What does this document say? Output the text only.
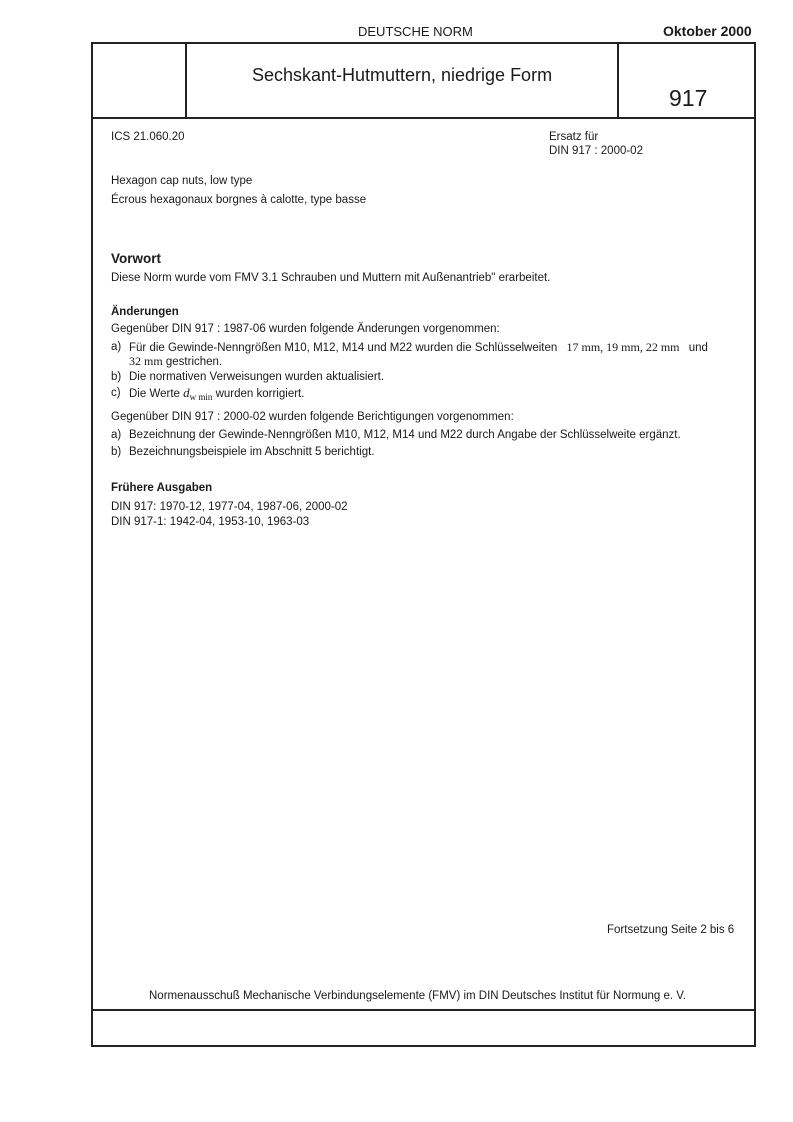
DEUTSCHE NORM	Oktober 2000
Sechskant-Hutmuttern, niedrige Form
917
ICS 21.060.20	Ersatz für
DIN 917 : 2000-02
Hexagon cap nuts, low type
Écrous hexagonaux borgnes à calotte, type basse
Vorwort
Diese Norm wurde vom FMV 3.1 Schrauben und Muttern mit Außenantrieb" erarbeitet.
Änderungen
Gegenüber DIN 917 : 1987-06 wurden folgende Änderungen vorgenommen:
a) Für die Gewinde-Nenngrößen M10, M12, M14 und M22 wurden die Schlüsselweiten 17 mm, 19 mm, 22 mm und
32 mm gestrichen.
b) Die normativen Verweisungen wurden aktualisiert.
c) Die Werte $d_{w min}$ wurden korrigiert.
Gegenüber DIN 917 : 2000-02 wurden folgende Berichtigungen vorgenommen:
a) Bezeichnung der Gewinde-Nenngrößen M10, M12, M14 und M22 durch Angabe der Schlüsselweite ergänzt.
b) Bezeichnungsbeispiele im Abschnitt 5 berichtigt.
Frühere Ausgaben
DIN 917: 1970-12, 1977-04, 1987-06, 2000-02
DIN 917-1: 1942-04, 1953-10, 1963-03
Fortsetzung Seite 2 bis 6
Normenausschuß Mechanische Verbindungselemente (FMV) im DIN Deutsches Institut für Normung e. V.
